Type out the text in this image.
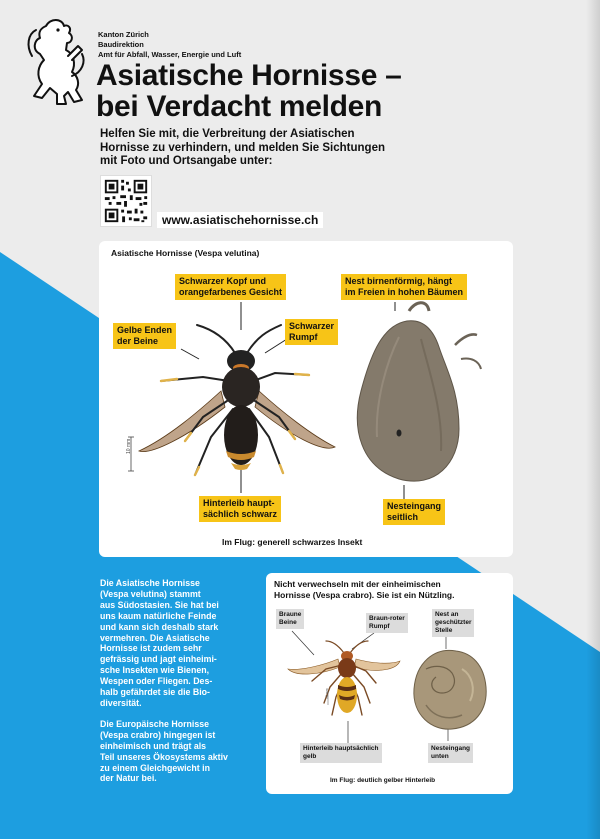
Kanton Zürich
Baudirektion
Amt für Abfall, Wasser, Energie und Luft
Asiatische Hornisse –
bei Verdacht melden
Helfen Sie mit, die Verbreitung der Asiatischen
Hornisse zu verhindern, und melden Sie Sichtungen
mit Foto und Ortsangabe unter:
www.asiatischehornisse.ch
Asiatische Hornisse (Vespa velutina)
10 mm
Schwarzer Kopf und
orangefarbenes Gesicht
Nest birnenförmig, hängt
im Freien in hohen Bäumen
Gelbe Enden
der Beine
Schwarzer
Rumpf
Hinterleib haupt-
sächlich schwarz
Nesteingang
seitlich
Im Flug: generell schwarzes Insekt

Die Asiatische Hornisse
(Vespa velutina) stammt
aus Südostasien. Sie hat bei
uns kaum natürliche Feinde
und kann sich deshalb stark
vermehren. Die Asiatische
Hornisse ist zudem sehr
gefrässig und jagt einheimi-
sche Insekten wie Bienen,
Wespen oder Fliegen. Des-
halb gefährdet sie die Bio-
diversität.

Die Europäische Hornisse
(Vespa crabro) hingegen ist
einheimisch und trägt als
Teil unseres Ökosystems aktiv
zu einem Gleichgewicht in
der Natur bei.

Nicht verwechseln mit der einheimischen
Hornisse (Vespa crabro). Sie ist ein Nützling.
10 mm
Braune
Beine
Braun-roter
Rumpf
Nest an
geschützter
Stelle
Hinterleib hauptsächlich
gelb
Nesteingang
unten
Im Flug: deutlich gelber Hinterleib
